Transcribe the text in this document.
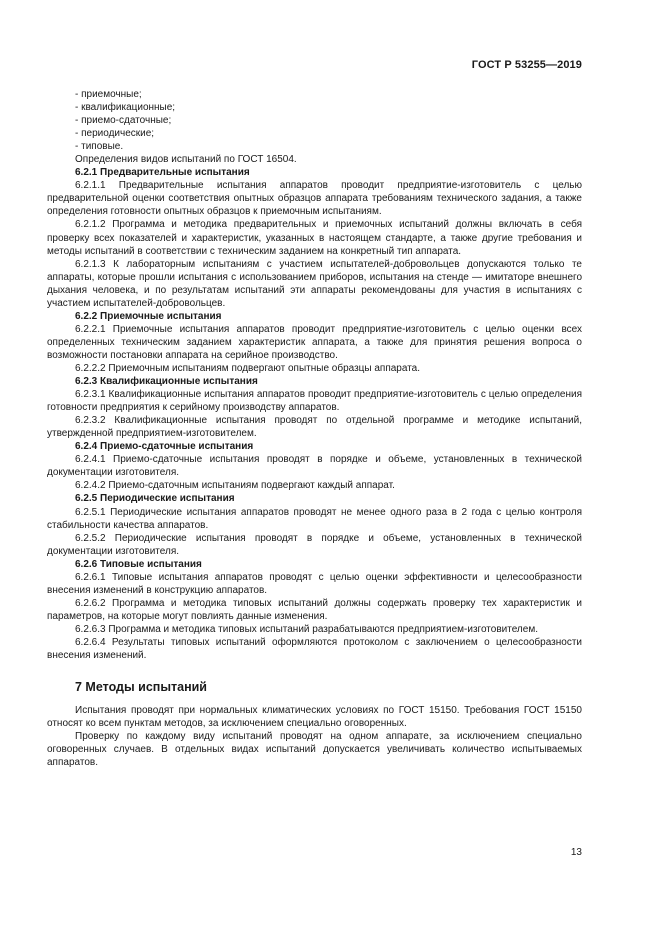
ГОСТ Р 53255—2019

- приемочные;

- квалификационные;

- приемо-сдаточные;

- периодические;

- типовые.

Определения видов испытаний по ГОСТ 16504.

6.2.1 Предварительные испытания

6.2.1.1 Предварительные испытания аппаратов проводит предприятие-изготовитель с целью предварительной оценки соответствия опытных образцов аппарата требованиям технического задания, а также определения готовности опытных образцов к приемочным испытаниям.

6.2.1.2 Программа и методика предварительных и приемочных испытаний должны включать в себя проверку всех показателей и характеристик, указанных в настоящем стандарте, а также другие требования и методы испытаний в соответствии с техническим заданием на конкретный тип аппарата.

6.2.1.3 К лабораторным испытаниям с участием испытателей-добровольцев допускаются только те аппараты, которые прошли испытания с использованием приборов, испытания на стенде — имитаторе внешнего дыхания человека, и по результатам испытаний эти аппараты рекомендованы для участия в испытаниях с участием испытателей-добровольцев.

6.2.2 Приемочные испытания

6.2.2.1 Приемочные испытания аппаратов проводит предприятие-изготовитель с целью оценки всех определенных техническим заданием характеристик аппарата, а также для принятия решения вопроса о возможности постановки аппарата на серийное производство.

6.2.2.2 Приемочным испытаниям подвергают опытные образцы аппарата.

6.2.3 Квалификационные испытания

6.2.3.1 Квалификационные испытания аппаратов проводит предприятие-изготовитель с целью определения готовности предприятия к серийному производству аппаратов.

6.2.3.2 Квалификационные испытания проводят по отдельной программе и методике испытаний, утвержденной предприятием-изготовителем.

6.2.4 Приемо-сдаточные испытания

6.2.4.1 Приемо-сдаточные испытания проводят в порядке и объеме, установленных в технической документации изготовителя.

6.2.4.2 Приемо-сдаточным испытаниям подвергают каждый аппарат.

6.2.5 Периодические испытания

6.2.5.1 Периодические испытания аппаратов проводят не менее одного раза в 2 года с целью контроля стабильности качества аппаратов.

6.2.5.2 Периодические испытания проводят в порядке и объеме, установленных в технической документации изготовителя.

6.2.6 Типовые испытания

6.2.6.1 Типовые испытания аппаратов проводят с целью оценки эффективности и целесообразности внесения изменений в конструкцию аппаратов.

6.2.6.2 Программа и методика типовых испытаний должны содержать проверку тех характеристик и параметров, на которые могут повлиять данные изменения.

6.2.6.3 Программа и методика типовых испытаний разрабатываются предприятием-изготовителем.

6.2.6.4 Результаты типовых испытаний оформляются протоколом с заключением о целесообразности внесения изменений.

7 Методы испытаний

Испытания проводят при нормальных климатических условиях по ГОСТ 15150. Требования ГОСТ 15150 относят ко всем пунктам методов, за исключением специально оговоренных.

Проверку по каждому виду испытаний проводят на одном аппарате, за исключением специально оговоренных случаев. В отдельных видах испытаний допускается увеличивать количество испытываемых аппаратов.

13
